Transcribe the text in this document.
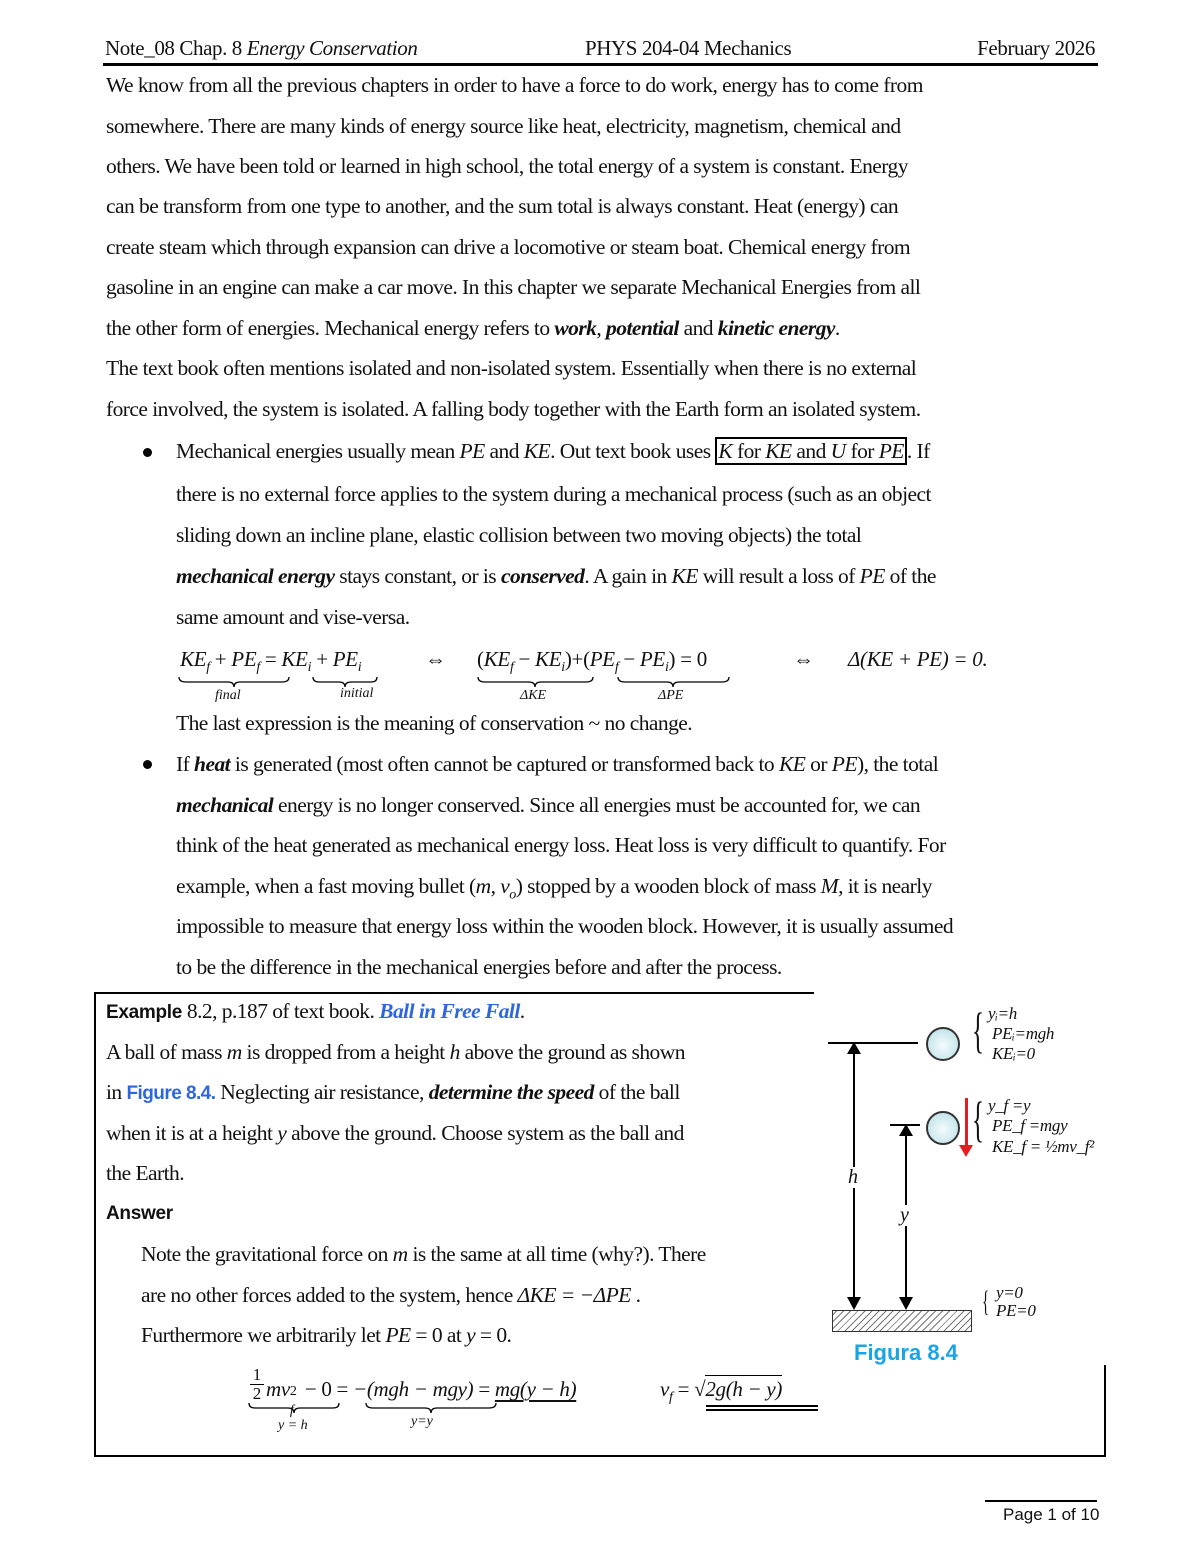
Note_08 Chap. 8 Energy Conservation	PHYS 204-04 Mechanics	February 2026
We know from all the previous chapters in order to have a force to do work, energy has to come from
somewhere. There are many kinds of energy source like heat, electricity, magnetism, chemical and
others. We have been told or learned in high school, the total energy of a system is constant. Energy
can be transform from one type to another, and the sum total is always constant. Heat (energy) can
create steam which through expansion can drive a locomotive or steam boat. Chemical energy from
gasoline in an engine can make a car move. In this chapter we separate Mechanical Energies from all
the other form of energies. Mechanical energy refers to work, potential and kinetic energy.
The text book often mentions isolated and non-isolated system. Essentially when there is no external
force involved, the system is isolated. A falling body together with the Earth form an isolated system.
Mechanical energies usually mean PE and KE. Out text book uses K for KE and U for PE . If
there is no external force applies to the system during a mechanical process (such as an object
sliding down an incline plane, elastic collision between two moving objects) the total
mechanical energy stays constant, or is conserved. A gain in KE will result a loss of PE of the
same amount and vise-versa.
$KE_f + PE_f = KE_i + PE_i$	⇔ $(KE_f - KE_i)+(PE_f - PE_i) = 0$	⇔ Δ(KE + PE) = 0.
final	initial	ΔKE	ΔPE
The last expression is the meaning of conservation ~ no change.
If heat is generated (most often cannot be captured or transformed back to KE or PE), the total
mechanical energy is no longer conserved. Since all energies must be accounted for, we can
think of the heat generated as mechanical energy loss. Heat loss is very difficult to quantify. For
example, when a fast moving bullet (m, $v_o$) stopped by a wooden block of mass M, it is nearly
impossible to measure that energy loss within the wooden block. However, it is usually assumed
to be the difference in the mechanical energies before and after the process.
Example 8.2, p.187 of text book. Ball in Free Fall.
A ball of mass m is dropped from a height h above the ground as shown
in Figure 8.4. Neglecting air resistance, determine the speed of the ball
when it is at a height y above the ground. Choose system as the ball and
the Earth.
Answer
Note the gravitational force on m is the same at all time (why?). There
are no other forces added to the system, hence ΔKE = −ΔPE .
Furthermore we arbitrarily let PE = 0 at y = 0.
$\frac{1}{2}$ mv 2
f
− 0 = −(mgh − mgy) = mg(y − h)	$v_f = √2g(h - y)$
y = h	y=y
h
y
{ yᵢ=h
PEᵢ=mgh
KEᵢ=0
{ y_f =y
PE_f =mgy
KE_f = ½mv_f²
{ y=0
PE=0
Figura 8.4
Page 1 of 10
